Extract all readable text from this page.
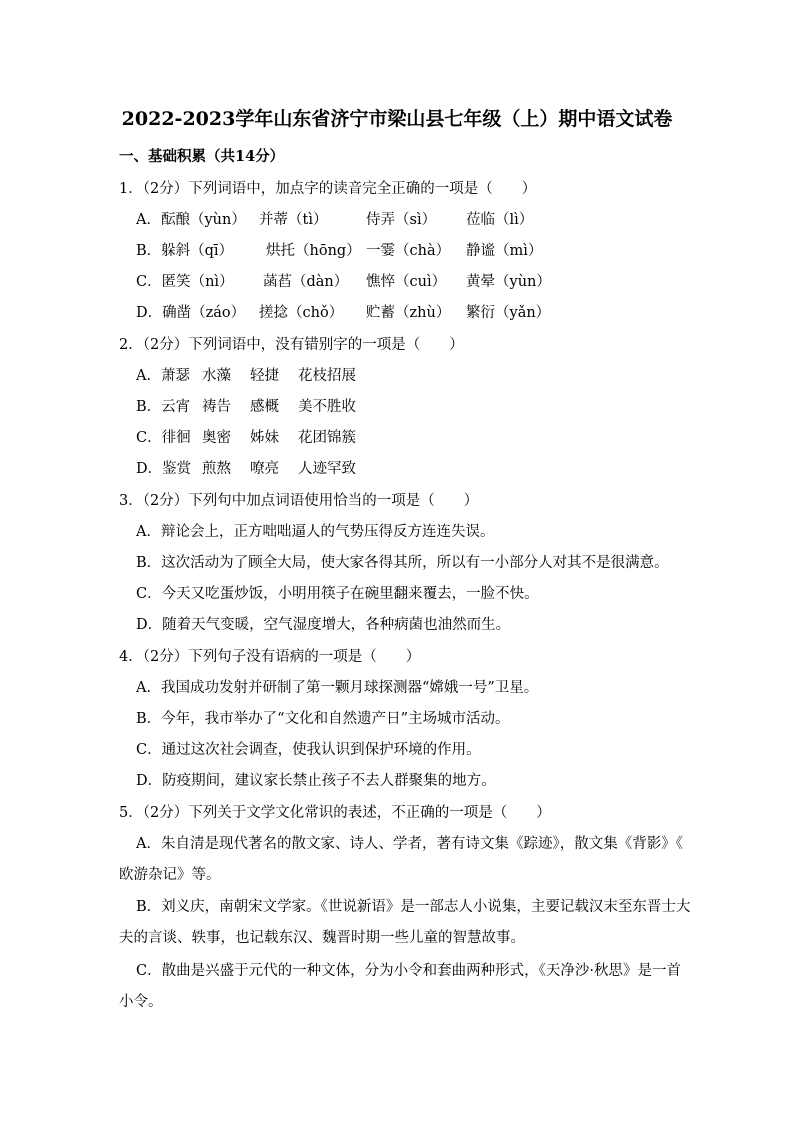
2022-2023学年山东省济宁市梁山县七年级（上）期中语文试卷
一、基础积累（共14分）
1．（2分）下列词语中，加点字的读音完全正确的一项是（　　）
A．酝酿（yùn） 并蒂（tì）	侍弄（sì） 莅临（lì）
B．躲斜（qī） 烘托（hōng） 一霎（chà） 静谧（mì）
C．匿笑（nì） 菡萏（dàn） 憔悴（cuì） 黄晕（yùn）
D．确凿（záo） 搓捻（chǒ） 贮蓄（zhù） 繁衍（yǎn）
2．（2分）下列词语中，没有错别字的一项是（　　）
A．萧瑟 水藻 轻捷 花枝招展
B．云宵 祷告 感概 美不胜收
C．徘徊 奥密 姊妹 花团锦簇
D．鉴赏 煎熬 嘹亮 人迹罕致
3．（2分）下列句中加点词语使用恰当的一项是（　　）
A．辩论会上，正方咄咄逼人的气势压得反方连连失误。
B．这次活动为了顾全大局，使大家各得其所，所以有一小部分人对其不是很满意。
C．今天又吃蛋炒饭，小明用筷子在碗里翻来覆去，一脸不快。
D．随着天气变暖，空气湿度增大，各种病菌也油然而生。
4．（2分）下列句子没有语病的一项是（　　）
A．我国成功发射并研制了第一颗月球探测器“嫦娥一号”卫星。
B．今年，我市举办了“文化和自然遗产日”主场城市活动。
C．通过这次社会调查，使我认识到保护环境的作用。
D．防疫期间，建议家长禁止孩子不去人群聚集的地方。
5．（2分）下列关于文学文化常识的表述，不正确的一项是（　　）
A．朱自清是现代著名的散文家、诗人、学者，著有诗文集《踪迹》，散文集《背影》《
欧游杂记》等。
B．刘义庆，南朝宋文学家。《世说新语》是一部志人小说集，主要记载汉末至东晋士大
夫的言谈、轶事，也记载东汉、魏晋时期一些儿童的智慧故事。
C．散曲是兴盛于元代的一种文体，分为小令和套曲两种形式，《天净沙·秋思》是一首
小令。
